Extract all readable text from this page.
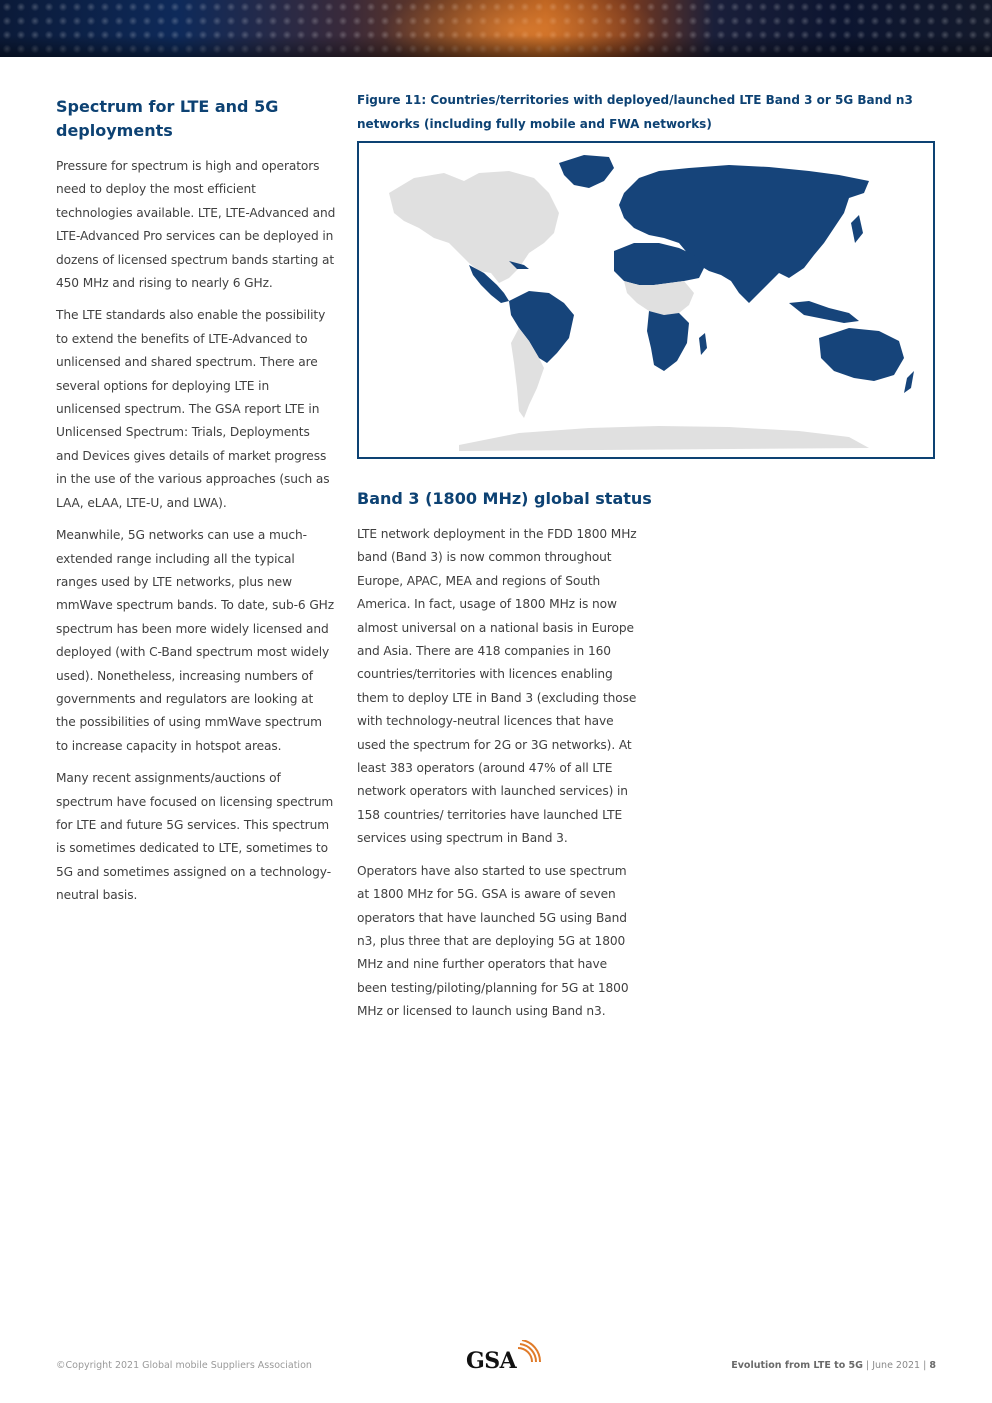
Spectrum for LTE and 5G deployments

Pressure for spectrum is high and operators need to deploy the most efficient technologies available. LTE, LTE-Advanced and LTE-Advanced Pro services can be deployed in dozens of licensed spectrum bands starting at 450 MHz and rising to nearly 6 GHz.

The LTE standards also enable the possibility to extend the benefits of LTE-Advanced to unlicensed and shared spectrum. There are several options for deploying LTE in unlicensed spectrum. The GSA report LTE in Unlicensed Spectrum: Trials, Deployments and Devices gives details of market progress in the use of the various approaches (such as LAA, eLAA, LTE-U, and LWA).

Meanwhile, 5G networks can use a much-extended range including all the typical ranges used by LTE networks, plus new mmWave spectrum bands. To date, sub-6 GHz spectrum has been more widely licensed and deployed (with C-Band spectrum most widely used). Nonetheless, increasing numbers of governments and regulators are looking at the possibilities of using mmWave spectrum to increase capacity in hotspot areas.

Many recent assignments/auctions of spectrum have focused on licensing spectrum for LTE and future 5G services. This spectrum is sometimes dedicated to LTE, sometimes to 5G and sometimes assigned on a technology-neutral basis.

Figure 11: Countries/territories with deployed/launched LTE Band 3 or 5G Band n3 networks (including fully mobile and FWA networks)
Band 3 (1800 MHz) global status

LTE network deployment in the FDD 1800 MHz band (Band 3) is now common throughout Europe, APAC, MEA and regions of South America. In fact, usage of 1800 MHz is now almost universal on a national basis in Europe and Asia. There are 418 companies in 160 countries/territories with licences enabling them to deploy LTE in Band 3 (excluding those with technology-neutral licences that have used the spectrum for 2G or 3G networks). At least 383 operators (around 47% of all LTE network operators with launched services) in 158 countries/ territories have launched LTE services using spectrum in Band 3.

Operators have also started to use spectrum at 1800 MHz for 5G. GSA is aware of seven operators that have launched 5G using Band n3, plus three that are deploying 5G at 1800 MHz and nine further operators that have been testing/piloting/planning for 5G at 1800 MHz or licensed to launch using Band n3.

©Copyright 2021 Global mobile Suppliers Association	GSA	Evolution from LTE to 5G | June 2021 | 8
